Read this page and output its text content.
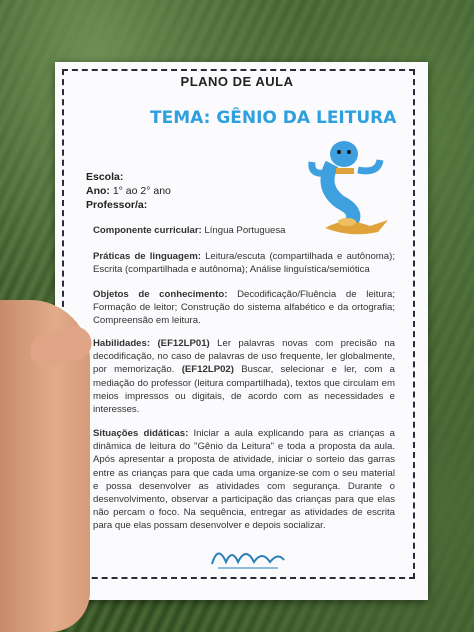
PLANO DE AULA
TEMA: GÊNIO DA LEITURA
Escola:
Ano: 1° ao 2° ano
Professor/a:
Componente curricular: Língua Portuguesa
Práticas de linguagem: Leitura/escuta (compartilhada e autônoma); Escrita (compartilhada e autônoma); Análise linguística/semiótica
Objetos de conhecimento: Decodificação/Fluência de leitura; Formação de leitor; Construção do sistema alfabético e da ortografia; Compreensão em leitura.
Habilidades: (EF12LP01) Ler palavras novas com precisão na decodificação, no caso de palavras de uso frequente, ler globalmente, por memorização. (EF12LP02) Buscar, selecionar e ler, com a mediação do professor (leitura compartilhada), textos que circulam em meios impressos ou digitais, de acordo com as necessidades e interesses.
Situações didáticas: Iniciar a aula explicando para as crianças a dinâmica de leitura do "Gênio da Leitura" e toda a proposta da aula. Após apresentar a proposta de atividade, iniciar o sorteio das garras entre as crianças para que cada uma organize-se com o seu material e possa desenvolver as atividades com segurança. Durante o desenvolvimento, observar a participação das crianças para que elas não percam o foco. Na sequência, entregar as atividades de escrita para que elas possam desenvolver e depois socializar.
